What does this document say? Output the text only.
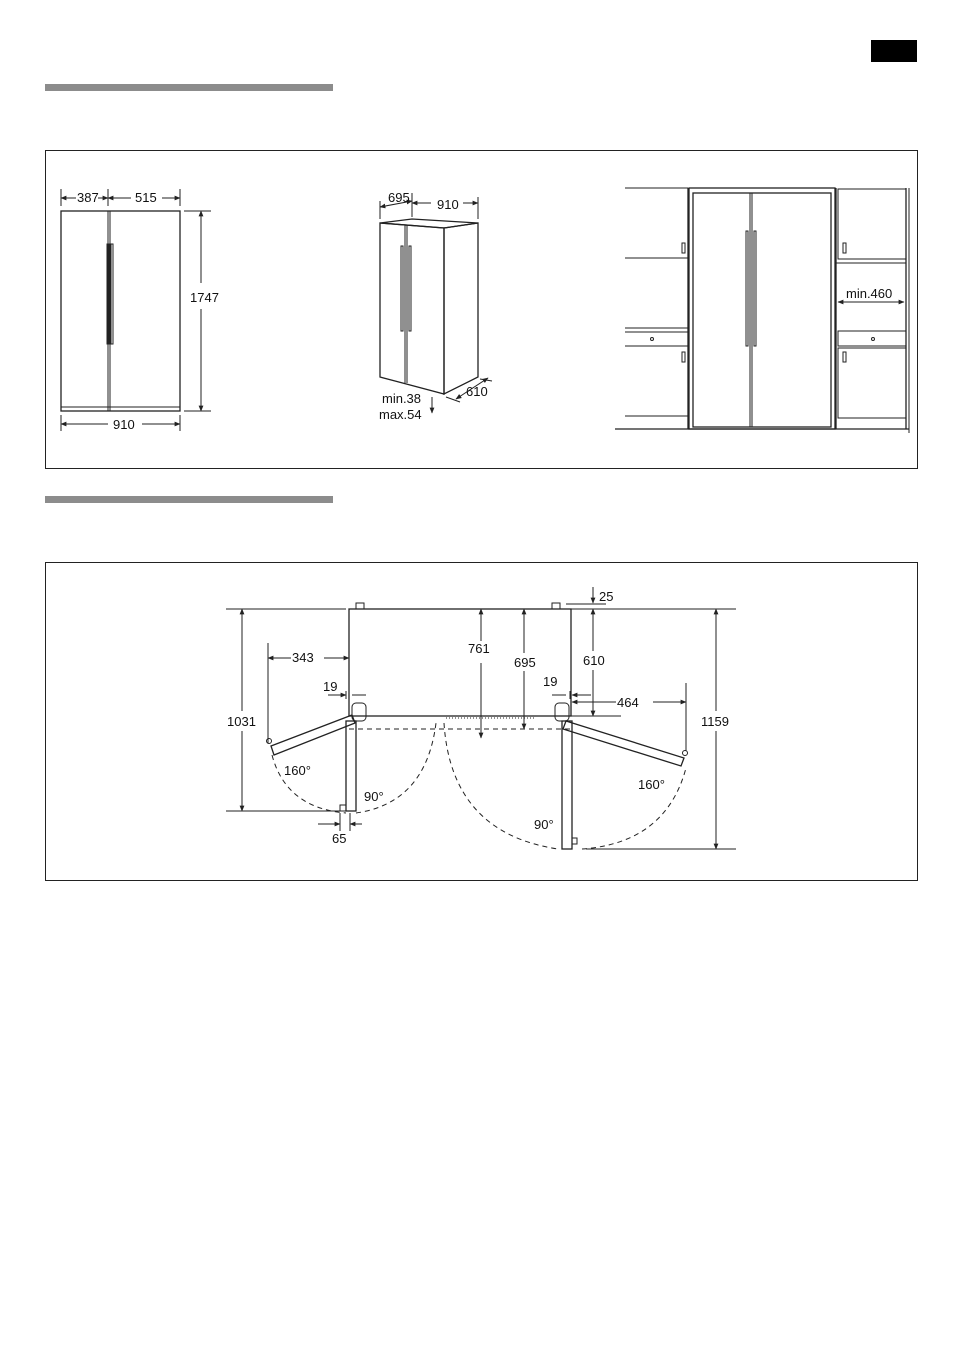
387	515
1747
910
695 910
610
min.38
max.54
min.460
25
343
761
695	610
19	19
464
1031	1159
160°
90°
90°
160°
65
